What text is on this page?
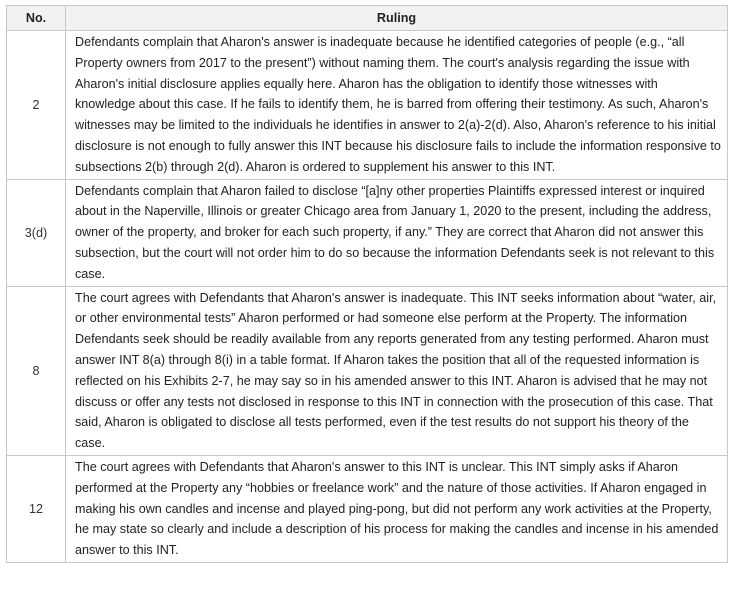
No.	Ruling
2	Defendants complain that Aharon's answer is inadequate because he identified categories of people (e.g., “all Property owners from 2017 to the present”) without naming them. The court's analysis regarding the issue with Aharon's initial disclosure applies equally here. Aharon has the obligation to identify those witnesses with knowledge about this case. If he fails to identify them, he is barred from offering their testimony. As such, Aharon's witnesses may be limited to the individuals he identifies in answer to 2(a)-2(d). Also, Aharon's reference to his initial disclosure is not enough to fully answer this INT because his disclosure fails to include the information responsive to subsections 2(b) through 2(d). Aharon is ordered to supplement his answer to this INT.
3(d)	Defendants complain that Aharon failed to disclose “[a]ny other properties Plaintiffs expressed interest or inquired about in the Naperville, Illinois or greater Chicago area from January 1, 2020 to the present, including the address, owner of the property, and broker for each such property, if any.” They are correct that Aharon did not answer this subsection, but the court will not order him to do so because the information Defendants seek is not relevant to this case.
8	The court agrees with Defendants that Aharon's answer is inadequate. This INT seeks information about “water, air, or other environmental tests” Aharon performed or had someone else perform at the Property. The information Defendants seek should be readily available from any reports generated from any testing performed. Aharon must answer INT 8(a) through 8(i) in a table format. If Aharon takes the position that all of the requested information is reflected on his Exhibits 2-7, he may say so in his amended answer to this INT. Aharon is advised that he may not discuss or offer any tests not disclosed in response to this INT in connection with the prosecution of this case. That said, Aharon is obligated to disclose all tests performed, even if the test results do not support his theory of the case.
12	The court agrees with Defendants that Aharon's answer to this INT is unclear. This INT simply asks if Aharon performed at the Property any “hobbies or freelance work” and the nature of those activities. If Aharon engaged in making his own candles and incense and played ping-pong, but did not perform any work activities at the Property, he may state so clearly and include a description of his process for making the candles and incense in his amended answer to this INT.
